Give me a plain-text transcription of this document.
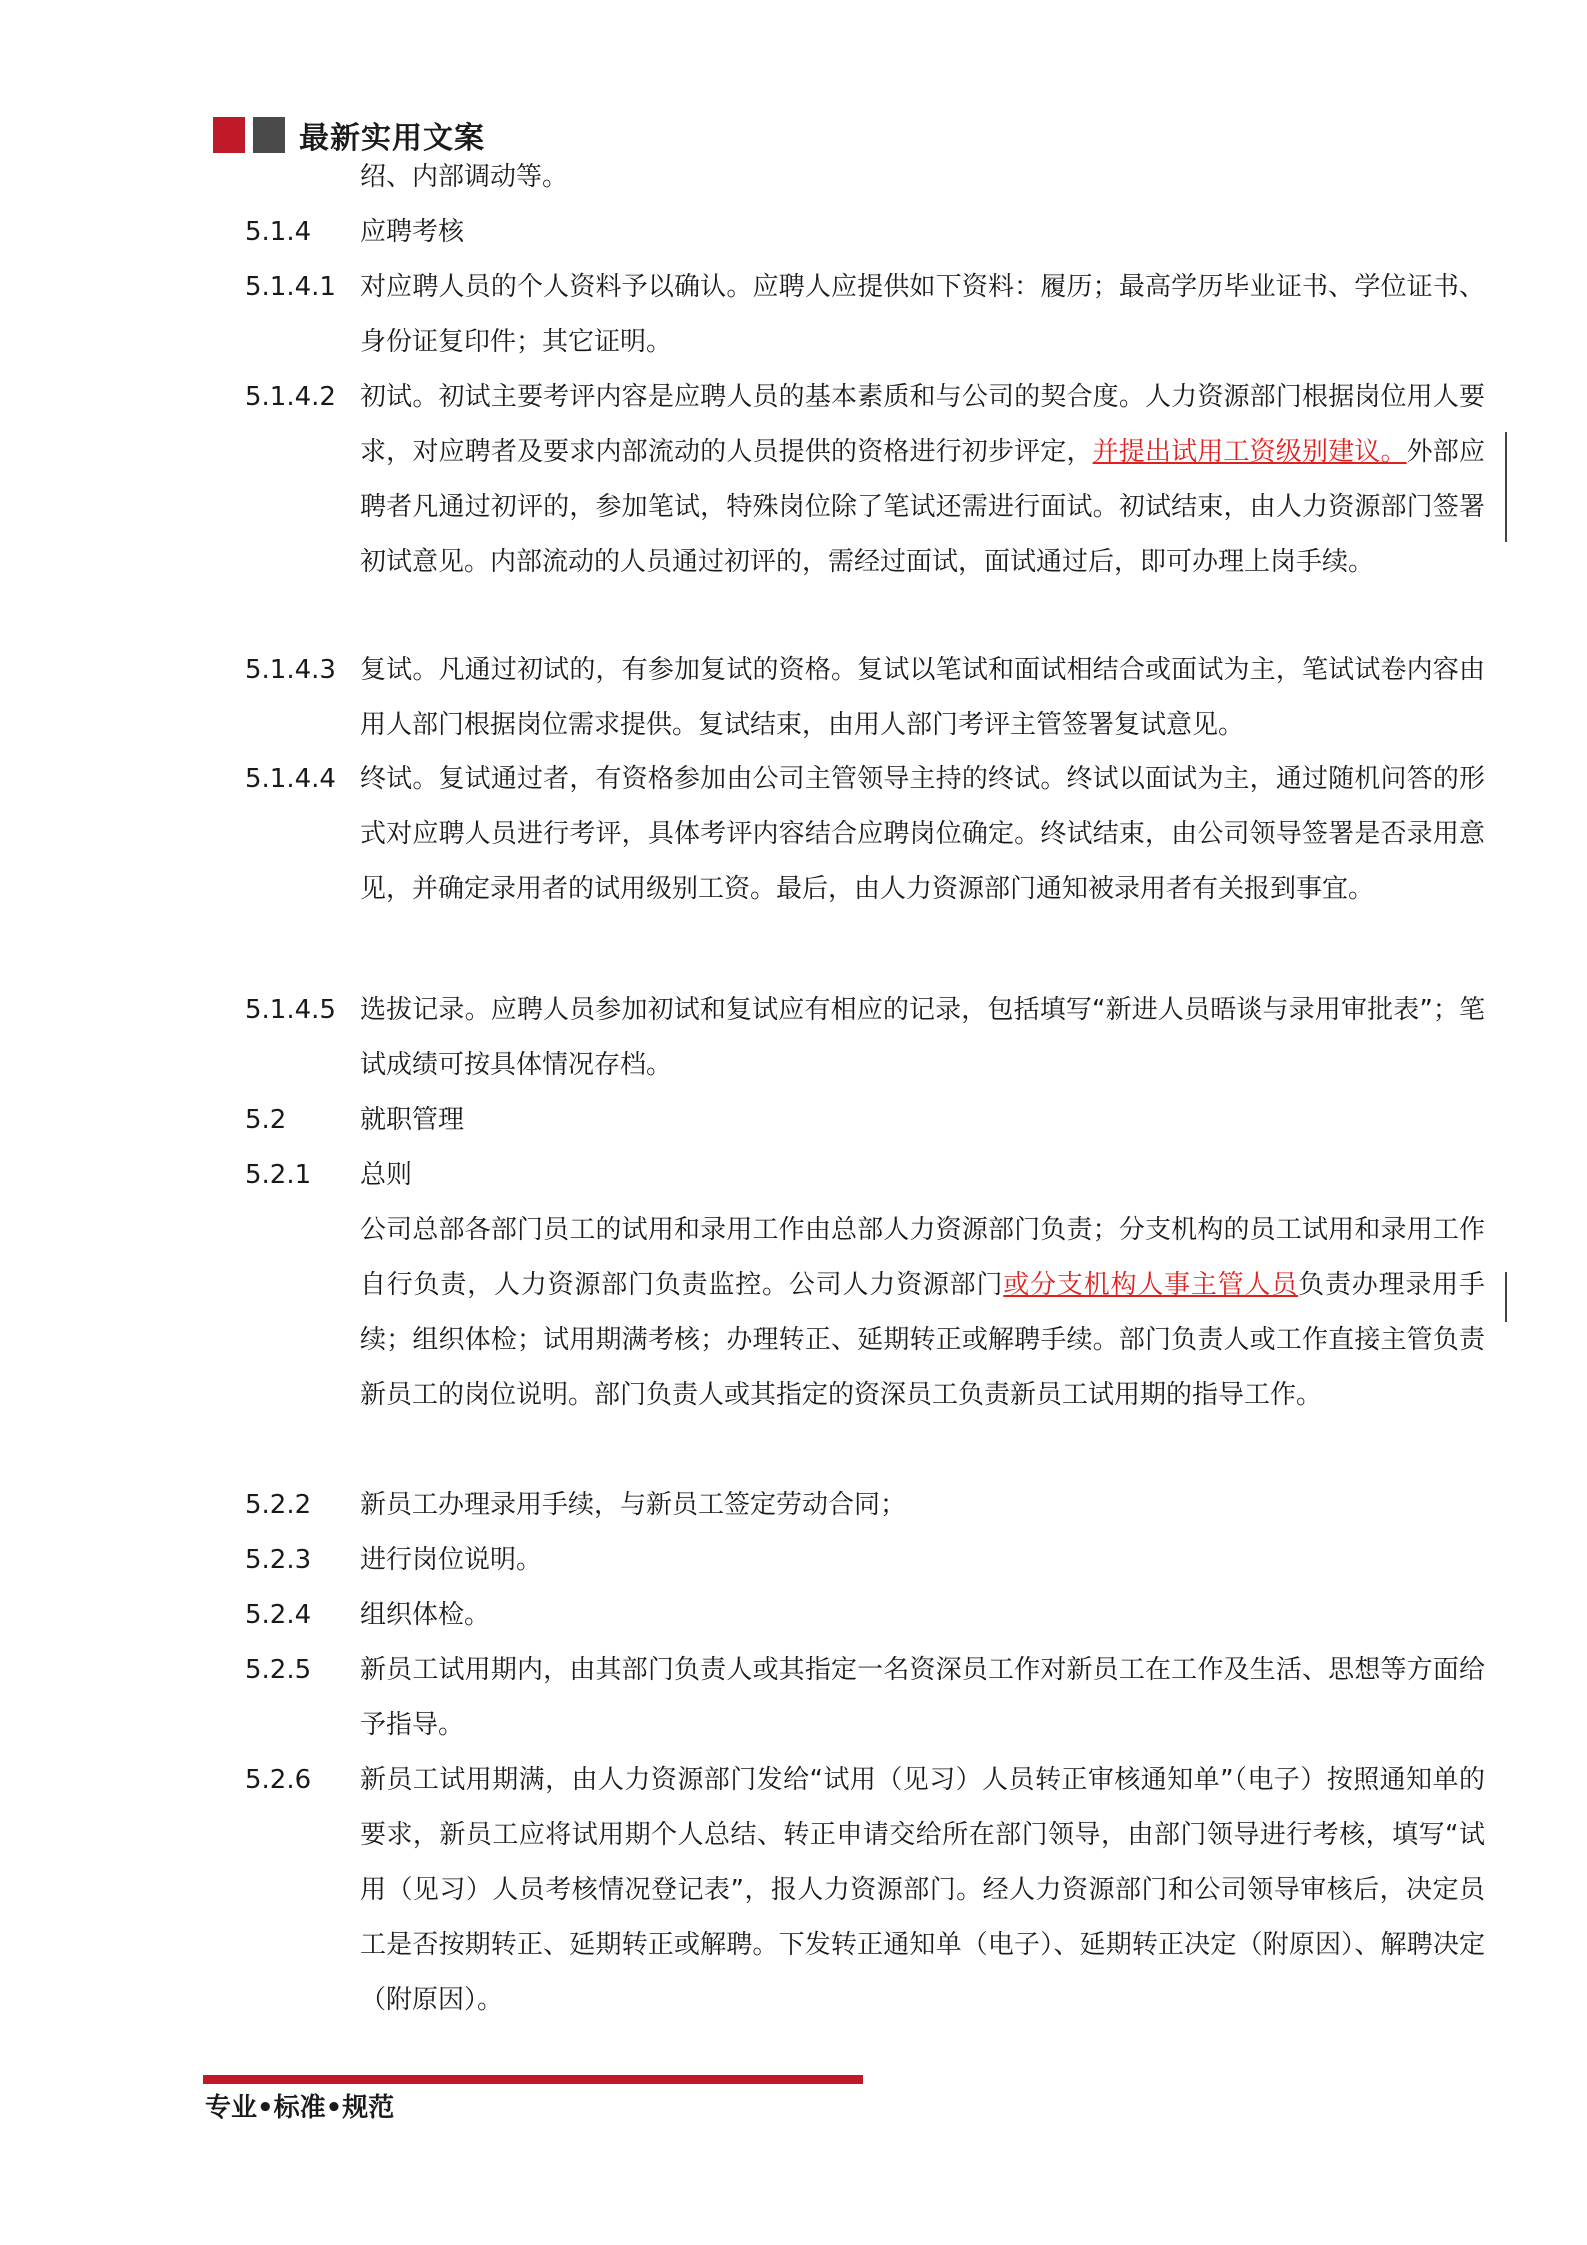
最新实用文案
绍、内部调动等。
5.1.4	应聘考核
5.1.4.1 对应聘人员的个人资料予以确认。应聘人应提供如下资料：履历；最高学历毕业证书、学位证书、身份证复印件；其它证明。
5.1.4.2 初试。初试主要考评内容是应聘人员的基本素质和与公司的契合度。人力资源部门根据岗位用人要求，对应聘者及要求内部流动的人员提供的资格进行初步评定，并提出试用工资级别建议。外部应聘者凡通过初评的，参加笔试，特殊岗位除了笔试还需进行面试。初试结束，由人力资源部门签署初试意见。内部流动的人员通过初评的，需经过面试，面试通过后，即可办理上岗手续。
5.1.4.3 复试。凡通过初试的，有参加复试的资格。复试以笔试和面试相结合或面试为主，笔试试卷内容由用人部门根据岗位需求提供。复试结束，由用人部门考评主管签署复试意见。
5.1.4.4 终试。复试通过者，有资格参加由公司主管领导主持的终试。终试以面试为主，通过随机问答的形式对应聘人员进行考评，具体考评内容结合应聘岗位确定。终试结束，由公司领导签署是否录用意见，并确定录用者的试用级别工资。最后，由人力资源部门通知被录用者有关报到事宜。
5.1.4.5 选拔记录。应聘人员参加初试和复试应有相应的记录，包括填写“新进人员晤谈与录用审批表”；笔试成绩可按具体情况存档。
5.2	就职管理
5.2.1	总则
公司总部各部门员工的试用和录用工作由总部人力资源部门负责；分支机构的员工试用和录用工作自行负责，人力资源部门负责监控。公司人力资源部门或分支机构人事主管人员负责办理录用手续；组织体检；试用期满考核；办理转正、延期转正或解聘手续。部门负责人或工作直接主管负责新员工的岗位说明。部门负责人或其指定的资深员工负责新员工试用期的指导工作。
5.2.2	新员工办理录用手续，与新员工签定劳动合同；
5.2.3	进行岗位说明。
5.2.4	组织体检。
5.2.5	新员工试用期内，由其部门负责人或其指定一名资深员工作对新员工在工作及生活、思想等方面给予指导。
5.2.6	新员工试用期满，由人力资源部门发给“试用（见习）人员转正审核通知单”（电子）按照通知单的要求，新员工应将试用期个人总结、转正申请交给所在部门领导，由部门领导进行考核，填写“试用（见习）人员考核情况登记表”，报人力资源部门。经人力资源部门和公司领导审核后，决定员工是否按期转正、延期转正或解聘。下发转正通知单（电子）、延期转正决定（附原因）、解聘决定（附原因）。
专业•标准•规范
